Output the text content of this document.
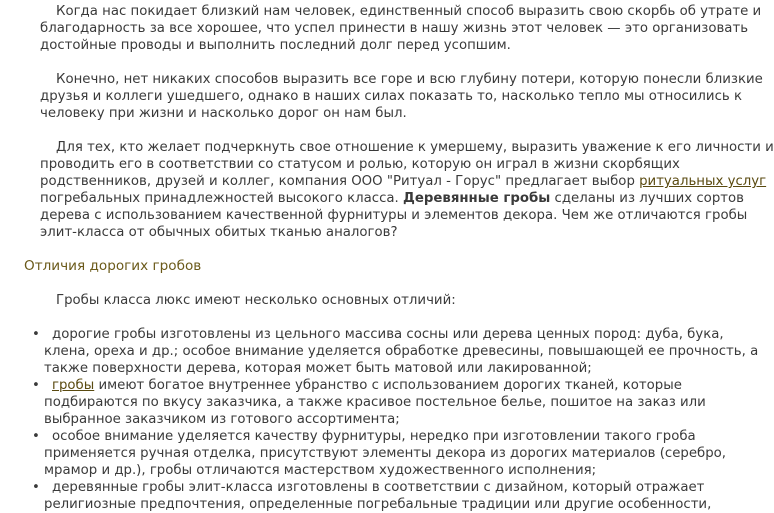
Когда нас покидает близкий нам человек, единственный способ выразить свою скорбь об утрате и
благодарность за все хорошее, что успел принести в нашу жизнь этот человек — это организовать
достойные проводы и выполнить последний долг перед усопшим.

Конечно, нет никаких способов выразить все горе и всю глубину потери, которую понесли близкие
друзья и коллеги ушедшего, однако в наших силах показать то, насколько тепло мы относились к
человеку при жизни и насколько дорог он нам был.

Для тех, кто желает подчеркнуть свое отношение к умершему, выразить уважение к его личности и
проводить его в соответствии со статусом и ролью, которую он играл в жизни скорбящих
родственников, друзей и коллег, компания ООО "Ритуал - Горус" предлагает выбор ритуальных услуг
погребальных принадлежностей высокого класса. Деревянные гробы сделаны из лучших сортов
дерева с использованием качественной фурнитуры и элементов декора. Чем же отличаются гробы
элит-класса от обычных обитых тканью аналогов?

Отличия дорогих гробов

Гробы класса люкс имеют несколько основных отличий:

• дорогие гробы изготовлены из цельного массива сосны или дерева ценных пород: дуба, бука,
клена, ореха и др.; особое внимание уделяется обработке древесины, повышающей ее прочность, а
также поверхности дерева, которая может быть матовой или лакированной;
• гробы имеют богатое внутреннее убранство с использованием дорогих тканей, которые
подбираются по вкусу заказчика, а также красивое постельное белье, пошитое на заказ или
выбранное заказчиком из готового ассортимента;
• особое внимание уделяется качеству фурнитуры, нередко при изготовлении такого гроба
применяется ручная отделка, присутствуют элементы декора из дорогих материалов (серебро,
мрамор и др.), гробы отличаются мастерством художественного исполнения;
• деревянные гробы элит-класса изготовлены в соответствии с дизайном, который отражает
религиозные предпочтения, определенные погребальные традиции или другие особенности,
